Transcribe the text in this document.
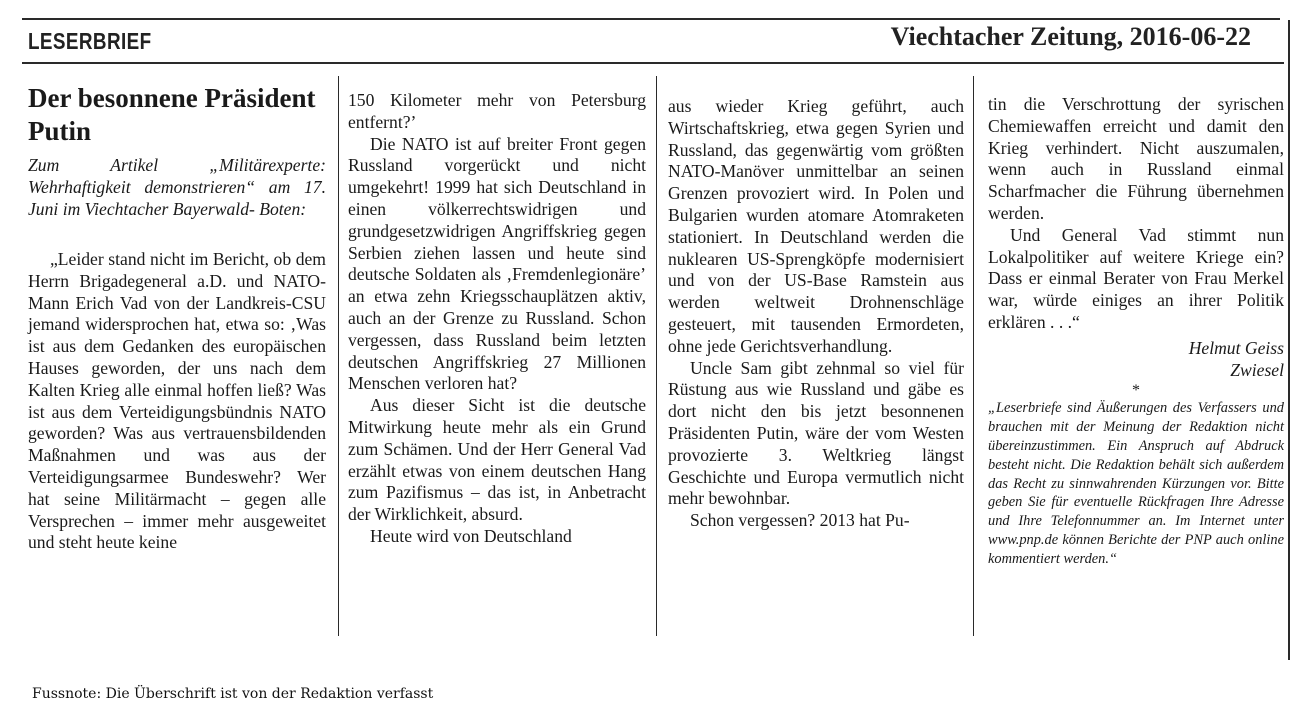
LESERBRIEF	Viechtacher Zeitung, 2016-06-22
Der besonnene Präsident Putin
Zum Artikel „Militärexperte: Wehrhaftigkeit demonstrieren“ am 17. Juni im Viechtacher Bayerwald- Boten:

„Leider stand nicht im Bericht, ob dem Herrn Brigadegeneral a.D. und NATO-Mann Erich Vad von der Landkreis-CSU jemand widersprochen hat, etwa so: ‚Was ist aus dem Gedanken des europäischen Hauses geworden, der uns nach dem Kalten Krieg alle einmal hoffen ließ? Was ist aus dem Verteidigungsbündnis NATO geworden? Was aus vertrauensbildenden Maßnahmen und was aus der Verteidigungsarmee Bundeswehr? Wer hat seine Militärmacht – gegen alle Versprechen – immer mehr ausgeweitet und steht heute keine

150 Kilometer mehr von Petersburg entfernt?’

Die NATO ist auf breiter Front gegen Russland vorgerückt und nicht umgekehrt! 1999 hat sich Deutschland in einen völkerrechtswidrigen und grundgesetzwidrigen Angriffskrieg gegen Serbien ziehen lassen und heute sind deutsche Soldaten als ‚Fremdenlegionäre’ an etwa zehn Kriegsschauplätzen aktiv, auch an der Grenze zu Russland. Schon vergessen, dass Russland beim letzten deutschen Angriffskrieg 27 Millionen Menschen verloren hat?

Aus dieser Sicht ist die deutsche Mitwirkung heute mehr als ein Grund zum Schämen. Und der Herr General Vad erzählt etwas von einem deutschen Hang zum Pazifismus – das ist, in Anbetracht der Wirklichkeit, absurd.

Heute wird von Deutschland

aus wieder Krieg geführt, auch Wirtschaftskrieg, etwa gegen Syrien und Russland, das gegenwärtig vom größten NATO-Manöver unmittelbar an seinen Grenzen provoziert wird. In Polen und Bulgarien wurden atomare Atomraketen stationiert. In Deutschland werden die nuklearen US-Sprengköpfe modernisiert und von der US-Base Ramstein aus werden weltweit Drohnenschläge gesteuert, mit tausenden Ermordeten, ohne jede Gerichtsverhandlung.

Uncle Sam gibt zehnmal so viel für Rüstung aus wie Russland und gäbe es dort nicht den bis jetzt besonnenen Präsidenten Putin, wäre der vom Westen provozierte 3. Weltkrieg längst Geschichte und Europa vermutlich nicht mehr bewohnbar.

Schon vergessen? 2013 hat Pu-

tin die Verschrottung der syrischen Chemiewaffen erreicht und damit den Krieg verhindert. Nicht auszumalen, wenn auch in Russland einmal Scharfmacher die Führung übernehmen werden.

Und General Vad stimmt nun Lokalpolitiker auf weitere Kriege ein? Dass er einmal Berater von Frau Merkel war, würde einiges an ihrer Politik erklären . . .“

Helmut Geiss

Zwiesel

*
„Leserbriefe sind Äußerungen des Verfassers und brauchen mit der Meinung der Redaktion nicht übereinzustimmen. Ein Anspruch auf Abdruck besteht nicht. Die Redaktion behält sich außerdem das Recht zu sinnwahrenden Kürzungen vor. Bitte geben Sie für eventuelle Rückfragen Ihre Adresse und Ihre Telefonnummer an. Im Internet unter www.pnp.de können Berichte der PNP auch online kommentiert werden.“
Fussnote: Die Überschrift ist von der Redaktion verfasst
